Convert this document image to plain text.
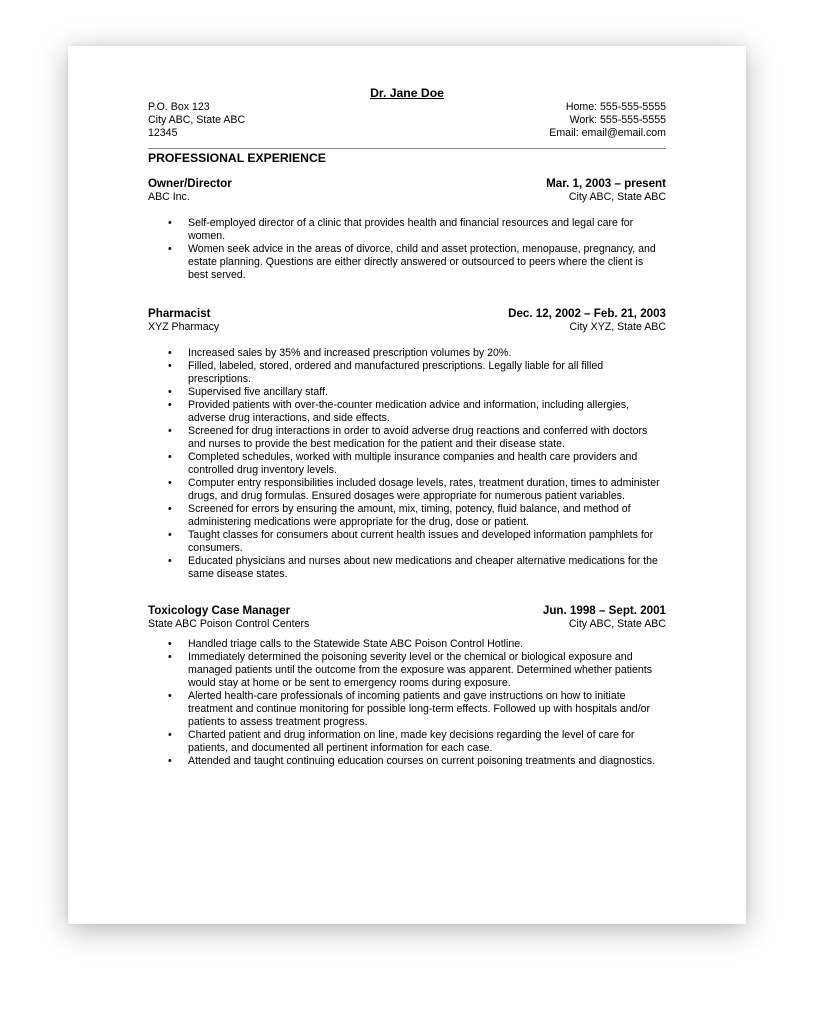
Dr. Jane Doe
P.O. Box 123
City ABC, State ABC
12345
Home: 555-555-5555
Work: 555-555-5555
Email: email@email.com
PROFESSIONAL EXPERIENCE
Owner/Director	Mar. 1, 2003 – present
ABC Inc.	City ABC, State ABC
• Self-employed director of a clinic that provides health and financial resources and legal care for women.
• Women seek advice in the areas of divorce, child and asset protection, menopause, pregnancy, and estate planning. Questions are either directly answered or outsourced to peers where the client is best served.
Pharmacist	Dec. 12, 2002 – Feb. 21, 2003
XYZ Pharmacy	City XYZ, State ABC
• Increased sales by 35% and increased prescription volumes by 20%.
• Filled, labeled, stored, ordered and manufactured prescriptions. Legally liable for all filled prescriptions.
• Supervised five ancillary staff.
• Provided patients with over-the-counter medication advice and information, including allergies, adverse drug interactions, and side effects.
• Screened for drug interactions in order to avoid adverse drug reactions and conferred with doctors and nurses to provide the best medication for the patient and their disease state.
• Completed schedules, worked with multiple insurance companies and health care providers and controlled drug inventory levels.
• Computer entry responsibilities included dosage levels, rates, treatment duration, times to administer drugs, and drug formulas. Ensured dosages were appropriate for numerous patient variables.
• Screened for errors by ensuring the amount, mix, timing, potency, fluid balance, and method of administering medications were appropriate for the drug, dose or patient.
• Taught classes for consumers about current health issues and developed information pamphlets for consumers.
• Educated physicians and nurses about new medications and cheaper alternative medications for the same disease states.
Toxicology Case Manager	Jun. 1998 – Sept. 2001
State ABC Poison Control Centers	City ABC, State ABC
• Handled triage calls to the Statewide State ABC Poison Control Hotline.
• Immediately determined the poisoning severity level or the chemical or biological exposure and managed patients until the outcome from the exposure was apparent. Determined whether patients would stay at home or be sent to emergency rooms during exposure.
• Alerted health-care professionals of incoming patients and gave instructions on how to initiate treatment and continue monitoring for possible long-term effects. Followed up with hospitals and/or patients to assess treatment progress.
• Charted patient and drug information on line, made key decisions regarding the level of care for patients, and documented all pertinent information for each case.
• Attended and taught continuing education courses on current poisoning treatments and diagnostics.
